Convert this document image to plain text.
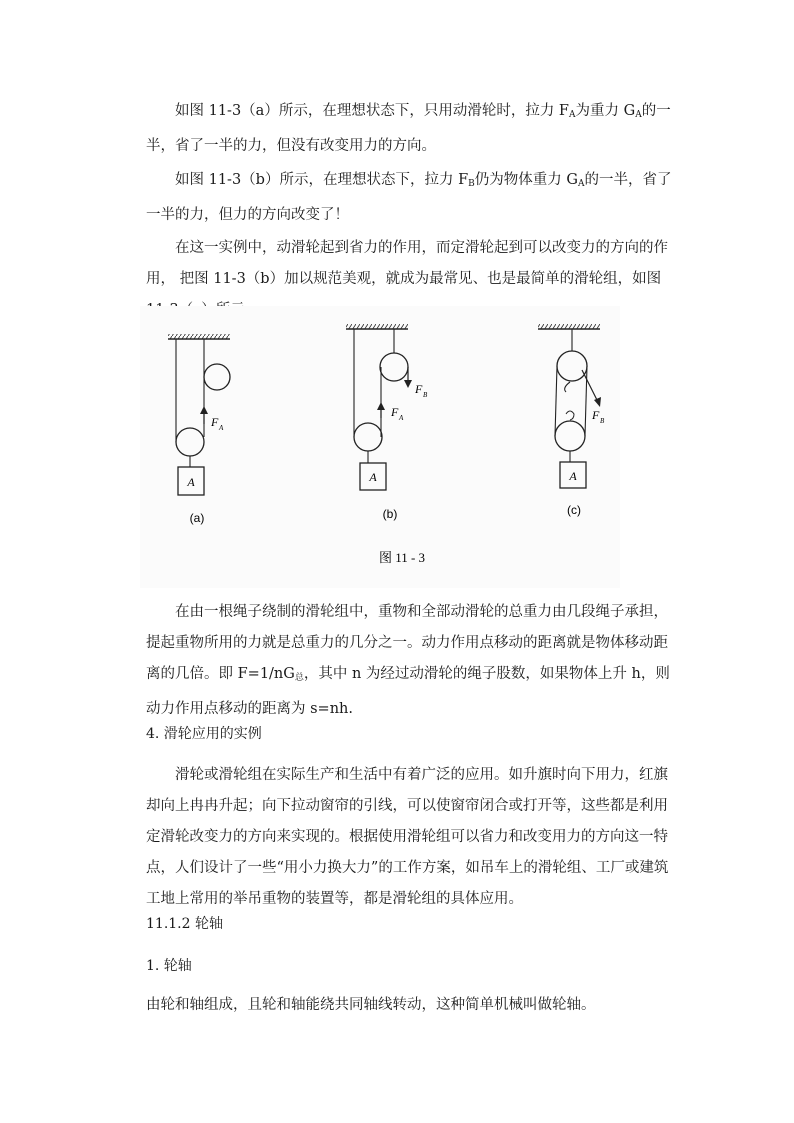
如图 11-3（a）所示，在理想状态下，只用动滑轮时，拉力 $F_A$为重力 $G_A$的一半，省了一半的力，但没有改变用力的方向。

如图 11-3（b）所示，在理想状态下，拉力 $F_B$仍为物体重力 $G_A$的一半，省了一半的力，但力的方向改变了！

在这一实例中，动滑轮起到省力的作用，而定滑轮起到可以改变力的方向的作用， 把图 11-3（b）加以规范美观，就成为最常见、也是最简单的滑轮组，如图

A
F A
(a)
A
F A
F B
(b)
F B
A
(c)
图 11 - 3

在由一根绳子绕制的滑轮组中，重物和全部动滑轮的总重力由几段绳子承担，提起重物所用的力就是总重力的几分之一。动力作用点移动的距离就是物体移动距离的几倍。即 $F=1/nG_总$，其中 n 为经过动滑轮的绳子股数，如果物体上升 h，则动力作用点移动的距离为 s=nh.

4. 滑轮应用的实例

滑轮或滑轮组在实际生产和生活中有着广泛的应用。如升旗时向下用力，红旗却向上冉冉升起；向下拉动窗帘的引线，可以使窗帘闭合或打开等，这些都是利用定滑轮改变力的方向来实现的。根据使用滑轮组可以省力和改变用力的方向这一特点，人们设计了一些“用小力换大力”的工作方案，如吊车上的滑轮组、工厂或建筑工地上常用的举吊重物的装置等，都是滑轮组的具体应用。

11.1.2 轮轴
1. 轮轴

由轮和轴组成，且轮和轴能绕共同轴线转动，这种简单机械叫做轮轴。
